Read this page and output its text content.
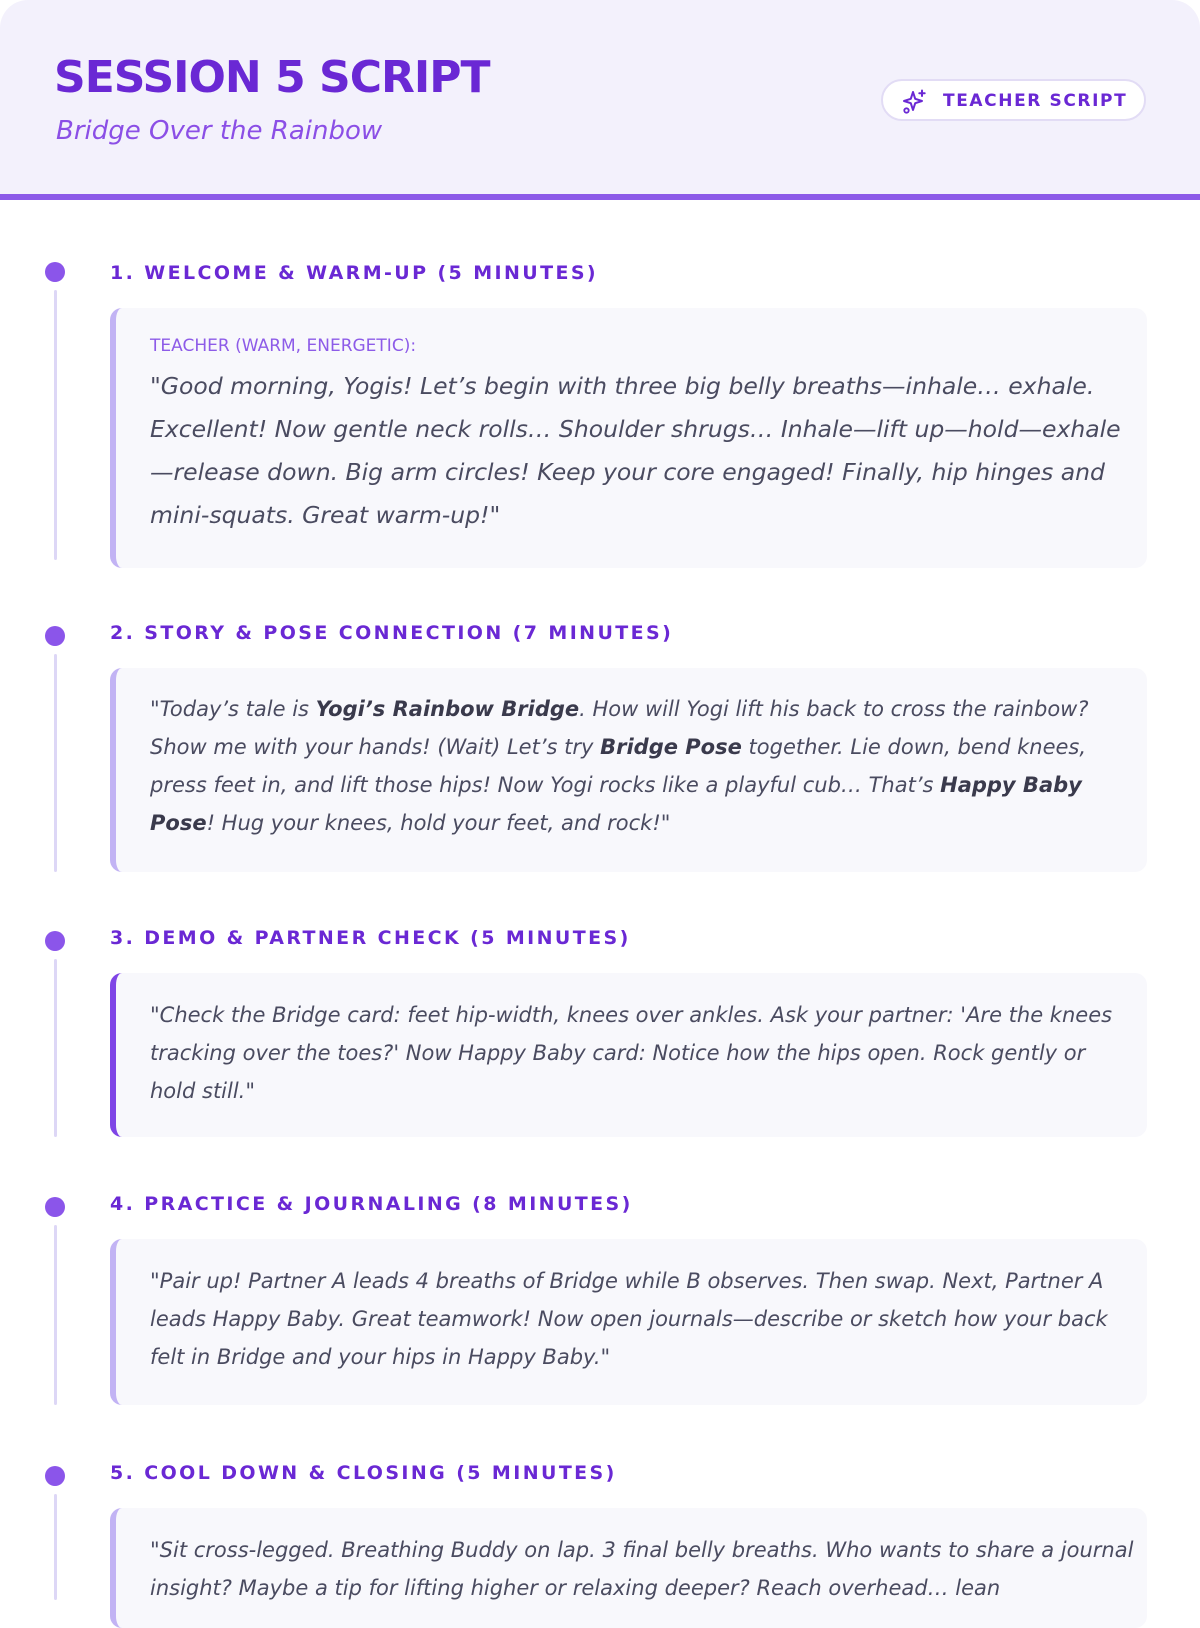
SESSION 5 SCRIPT
Bridge Over the Rainbow
TEACHER SCRIPT
1. WELCOME & WARM-UP (5 MINUTES)
TEACHER (WARM, ENERGETIC):

"Good morning, Yogis! Let’s begin with three big belly breaths—inhale… exhale. Excellent! Now gentle neck rolls… Shoulder shrugs… Inhale—lift up—hold—exhale—release down. Big arm circles! Keep your core engaged! Finally, hip hinges and mini-squats. Great warm-up!"

2. STORY & POSE CONNECTION (7 MINUTES)

"Today’s tale is Yogi’s Rainbow Bridge. How will Yogi lift his back to cross the rainbow? Show me with your hands! (Wait) Let’s try Bridge Pose together. Lie down, bend knees, press feet in, and lift those hips! Now Yogi rocks like a playful cub… That’s Happy Baby Pose! Hug your knees, hold your feet, and rock!"

3. DEMO & PARTNER CHECK (5 MINUTES)

"Check the Bridge card: feet hip-width, knees over ankles. Ask your partner: 'Are the knees tracking over the toes?' Now Happy Baby card: Notice how the hips open. Rock gently or hold still."

4. PRACTICE & JOURNALING (8 MINUTES)

"Pair up! Partner A leads 4 breaths of Bridge while B observes. Then swap. Next, Partner A leads Happy Baby. Great teamwork! Now open journals—describe or sketch how your back felt in Bridge and your hips in Happy Baby."

5. COOL DOWN & CLOSING (5 MINUTES)

"Sit cross-legged. Breathing Buddy on lap. 3 final belly breaths. Who wants to share a journal insight? Maybe a tip for lifting higher or relaxing deeper? Reach overhead… lean
